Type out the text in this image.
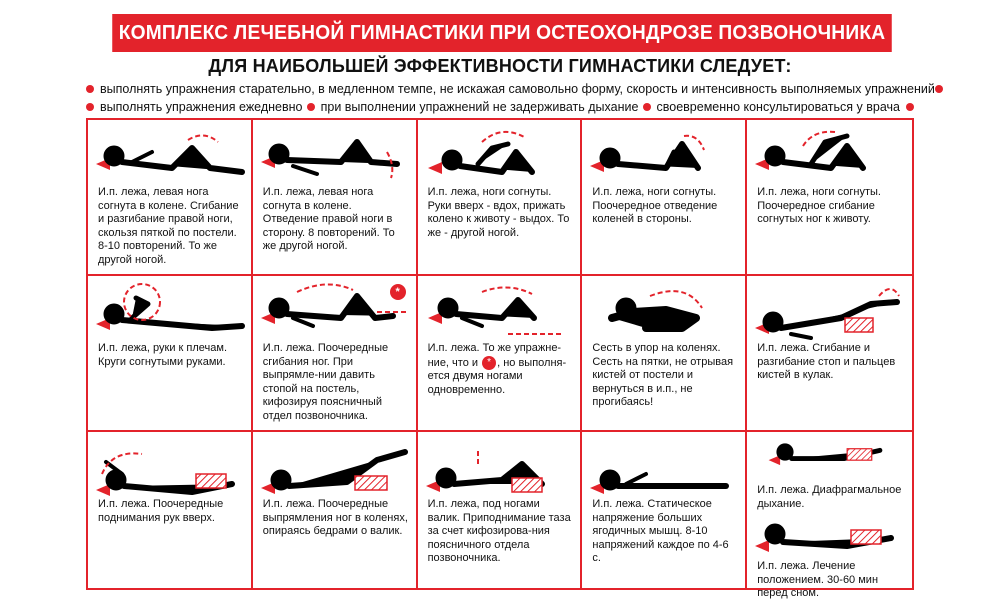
КОМПЛЕКС ЛЕЧЕБНОЙ ГИМНАСТИКИ ПРИ ОСТЕОХОНДРОЗЕ ПОЗВОНОЧНИКА
ДЛЯ НАИБОЛЬШЕЙ ЭФФЕКТИВНОСТИ ГИМНАСТИКИ СЛЕДУЕТ:
выполнять упражнения старательно, в медленном темпе, не искажая самовольно форму, скорость и интенсивность выполняемых упражнений
выполнять упражнения ежедневно при выполнении упражнений не задерживать дыхание своевременно консультироваться у врача
И.п. лежа, левая нога согнута в колене. Сгибание и разгибание правой ноги, скользя пяткой по постели. 8-10 повторений. То же другой ногой.
И.п. лежа, левая нога согнута в колене. Отведение правой ноги в сторону. 8 повторений. То же другой ногой.
И.п. лежа, ноги согнуты. Руки вверх - вдох, прижать колено к животу - выдох. То же - другой ногой.
И.п. лежа, ноги согнуты. Поочередное отведение коленей в стороны.
И.п. лежа, ноги согнуты. Поочередное сгибание согнутых ног к животу.
И.п. лежа, руки к плечам. Круги согнутыми руками.
*
И.п. лежа. Поочередные сгибания ног. При выпрямле-нии давить стопой на постель, кифозируя поясничный отдел позвоночника.
И.п. лежа. То же упражне-ние, что и * , но выполня-ется двумя ногами одновременно.
Сесть в упор на коленях. Сесть на пятки, не отрывая кистей от постели и вернуться в и.п., не прогибаясь!
И.п. лежа. Сгибание и разгибание стоп и пальцев кистей в кулак.
И.п. лежа. Поочередные поднимания рук вверх.
И.п. лежа. Поочередные выпрямления ног в коленях, опираясь бедрами о валик.
И.п. лежа, под ногами валик. Приподнимание таза за счет кифозирова-ния поясничного отдела позвоночника.
И.п. лежа. Статическое напряжение больших ягодичных мышц. 8-10 напряжений каждое по 4-6 с.
И.п. лежа. Диафрагмальное дыхание.
И.п. лежа. Лечение положением. 30-60 мин перед сном.
